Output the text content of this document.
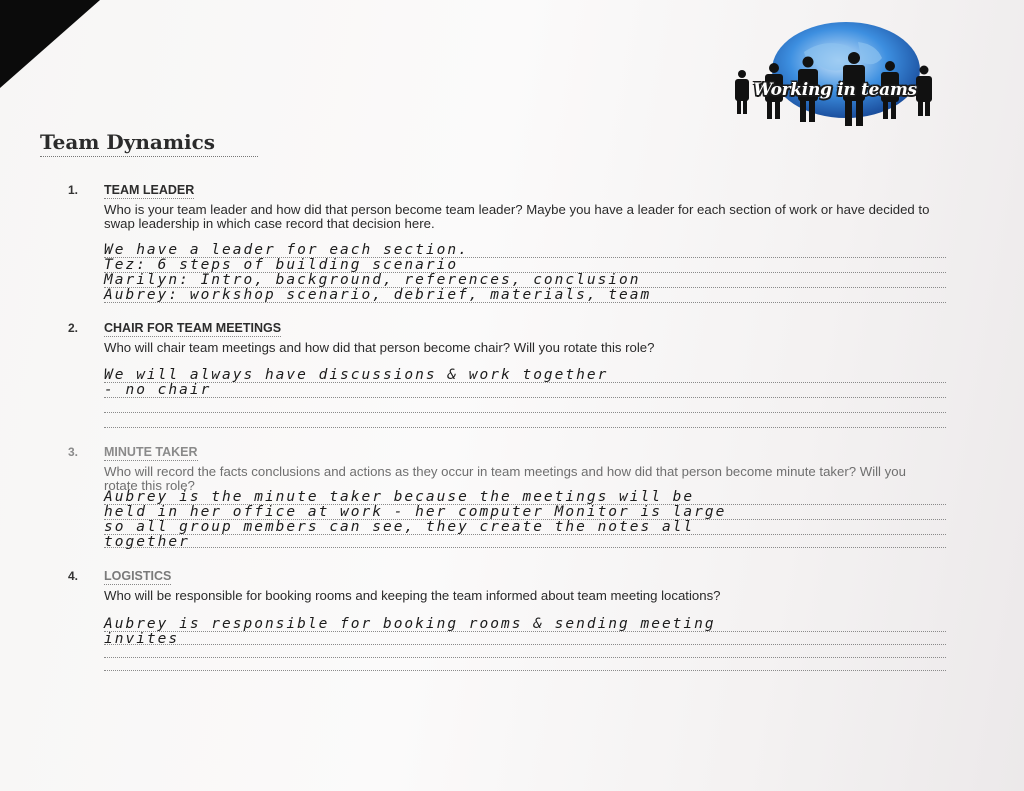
Working in teams
Team Dynamics
1. TEAM LEADER
Who is your team leader and how did that person become team leader? Maybe you have a leader for each section of work or have decided to swap leadership in which case record that decision here.
We have a leader for each section.
Tez: 6 steps of building scenario
Marilyn: Intro, background, references, conclusion
Aubrey: workshop scenario, debrief, materials, team
2. CHAIR FOR TEAM MEETINGS
Who will chair team meetings and how did that person become chair? Will you rotate this role?
We will always have discussions & work together
- no chair
3. MINUTE TAKER
Who will record the facts conclusions and actions as they occur in team meetings and how did that person become minute taker? Will you rotate this role?
Aubrey is the minute taker because the meetings will be
held in her office at work - her computer Monitor is large
so all group members can see, they create the notes all
together
4. LOGISTICS
Who will be responsible for booking rooms and keeping the team informed about team meeting locations?
Aubrey is responsible for booking rooms & sending meeting
invites
